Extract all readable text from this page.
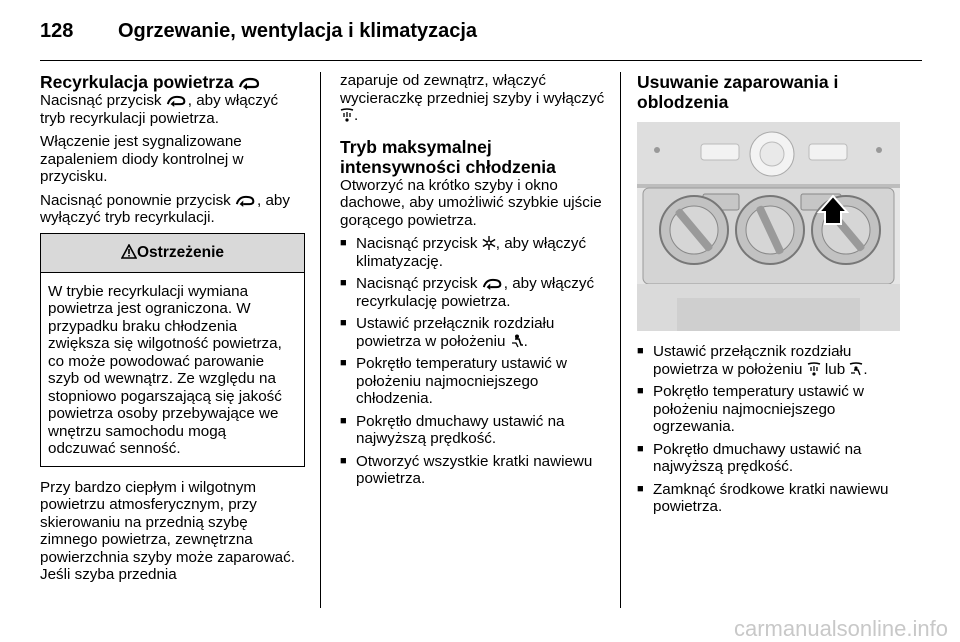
128 Ogrzewanie, wentylacja i klimatyzacja
Recyrkulacja powietrza

Nacisnąć przycisk , aby włączyć tryb recyrkulacji powietrza.

Włączenie jest sygnalizowane zapaleniem diody kontrolnej w przycisku.

Nacisnąć ponownie przycisk , aby wyłączyć tryb recyrkulacji.

Ostrzeżenie
W trybie recyrkulacji wymiana powietrza jest ograniczona. W przypadku braku chłodzenia zwiększa się wilgotność powietrza, co może powodować parowanie szyb od wewnątrz. Ze względu na stopniowo pogarszającą się jakość powietrza osoby przebywające we wnętrzu samochodu mogą odczuwać senność.

Przy bardzo ciepłym i wilgotnym powietrzu atmosferycznym, przy skierowaniu na przednią szybę zimnego powietrza, zewnętrzna powierzchnia szyby może zaparować. Jeśli szyba przednia

zaparuje od zewnątrz, włączyć wycieraczkę przedniej szyby i wyłączyć .

Tryb maksymalnej intensywności chłodzenia

Otworzyć na krótko szyby i okno dachowe, aby umożliwić szybkie ujście gorącego powietrza.

■ Nacisnąć przycisk , aby włączyć klimatyzację.
■ Nacisnąć przycisk , aby włączyć recyrkulację powietrza.
■ Ustawić przełącznik rozdziału powietrza w położeniu .
■ Pokrętło temperatury ustawić w położeniu najmocniejszego chłodzenia.
■ Pokrętło dmuchawy ustawić na najwyższą prędkość.
■ Otworzyć wszystkie kratki nawiewu powietrza.
Usuwanie zaparowania i oblodzenia
■ Ustawić przełącznik rozdziału powietrza w położeniu  lub .
■ Pokrętło temperatury ustawić w położeniu najmocniejszego ogrzewania.
■ Pokrętło dmuchawy ustawić na najwyższą prędkość.
■ Zamknąć środkowe kratki nawiewu powietrza.
carmanualsonline.info
